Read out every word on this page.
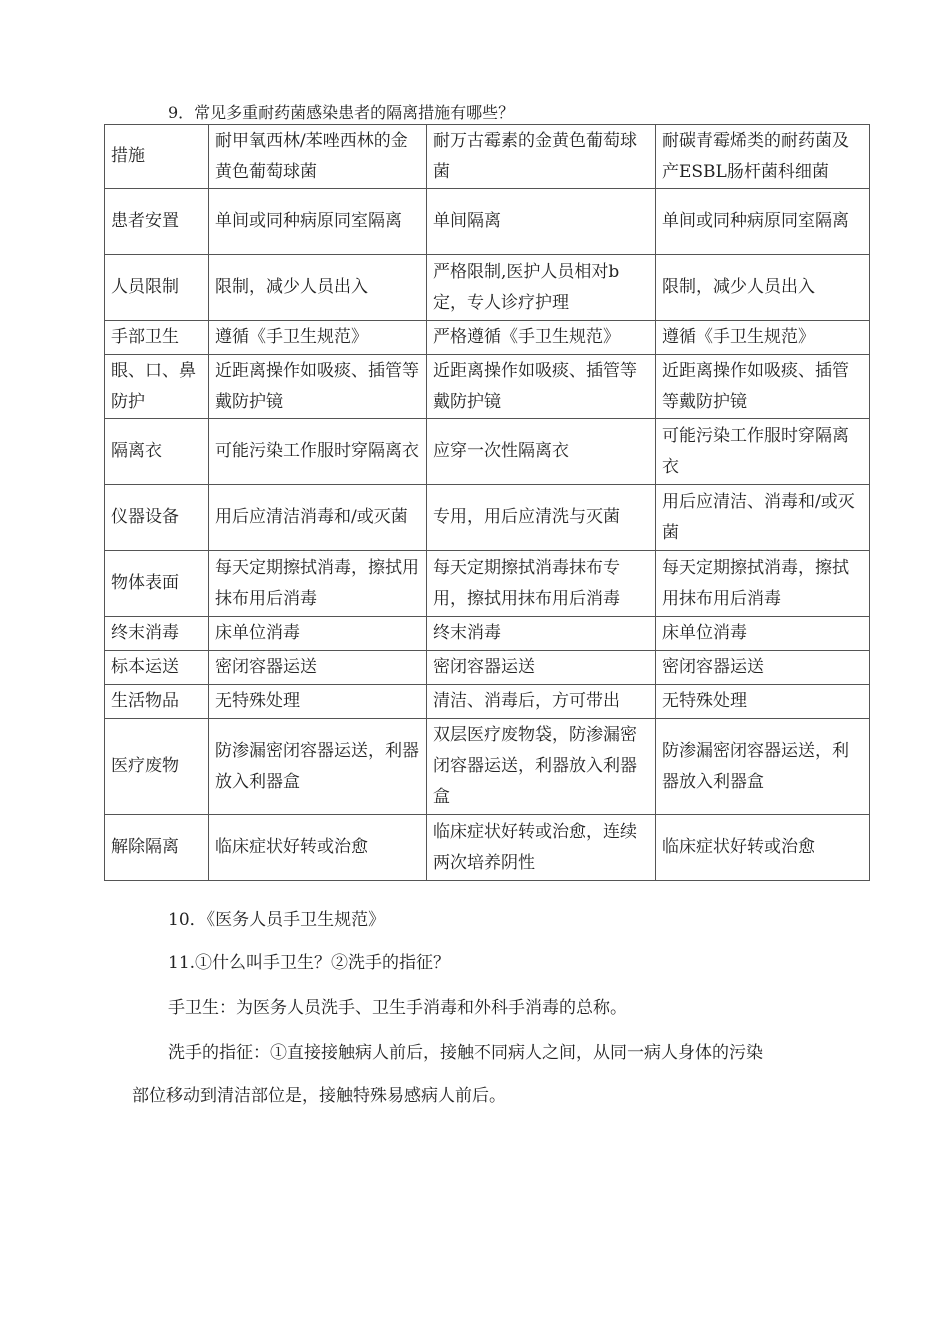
9．常见多重耐药菌感染患者的隔离措施有哪些？
措施	耐甲氧西林/苯唑西林的金黄色葡萄球菌	耐万古霉素的金黄色葡萄球菌	耐碳青霉烯类的耐药菌及产ESBL肠杆菌科细菌
患者安置	单间或同种病原同室隔离	单间隔离	单间或同种病原同室隔离
人员限制	限制，减少人员出入	严格限制,医护人员相对b定，专人诊疗护理	限制，减少人员出入
手部卫生	遵循《手卫生规范》	严格遵循《手卫生规范》	遵循《手卫生规范》
眼、口、鼻防护	近距离操作如吸痰、插管等戴防护镜	近距离操作如吸痰、插管等戴防护镜	近距离操作如吸痰、插管等戴防护镜
隔离衣	可能污染工作服时穿隔离衣	应穿一次性隔离衣	可能污染工作服时穿隔离衣
仪器设备	用后应清洁消毒和/或灭菌	专用，用后应清洗与灭菌	用后应清洁、消毒和/或灭菌
物体表面	每天定期擦拭消毒，擦拭用抹布用后消毒	每天定期擦拭消毒抹布专用，擦拭用抹布用后消毒	每天定期擦拭消毒，擦拭用抹布用后消毒
终末消毒	床单位消毒	终末消毒	床单位消毒
标本运送	密闭容器运送	密闭容器运送	密闭容器运送
生活物品	无特殊处理	清洁、消毒后，方可带出	无特殊处理
医疗废物	防渗漏密闭容器运送，利器放入利器盒	双层医疗废物袋，防渗漏密闭容器运送，利器放入利器盒	防渗漏密闭容器运送，利器放入利器盒
解除隔离	临床症状好转或治愈	临床症状好转或治愈，连续两次培养阴性	临床症状好转或治愈
10．《医务人员手卫生规范》
11.①什么叫手卫生？②洗手的指征？
手卫生：为医务人员洗手、卫生手消毒和外科手消毒的总称。
洗手的指征：①直接接触病人前后，接触不同病人之间，从同一病人身体的污染
部位移动到清洁部位是，接触特殊易感病人前后。
